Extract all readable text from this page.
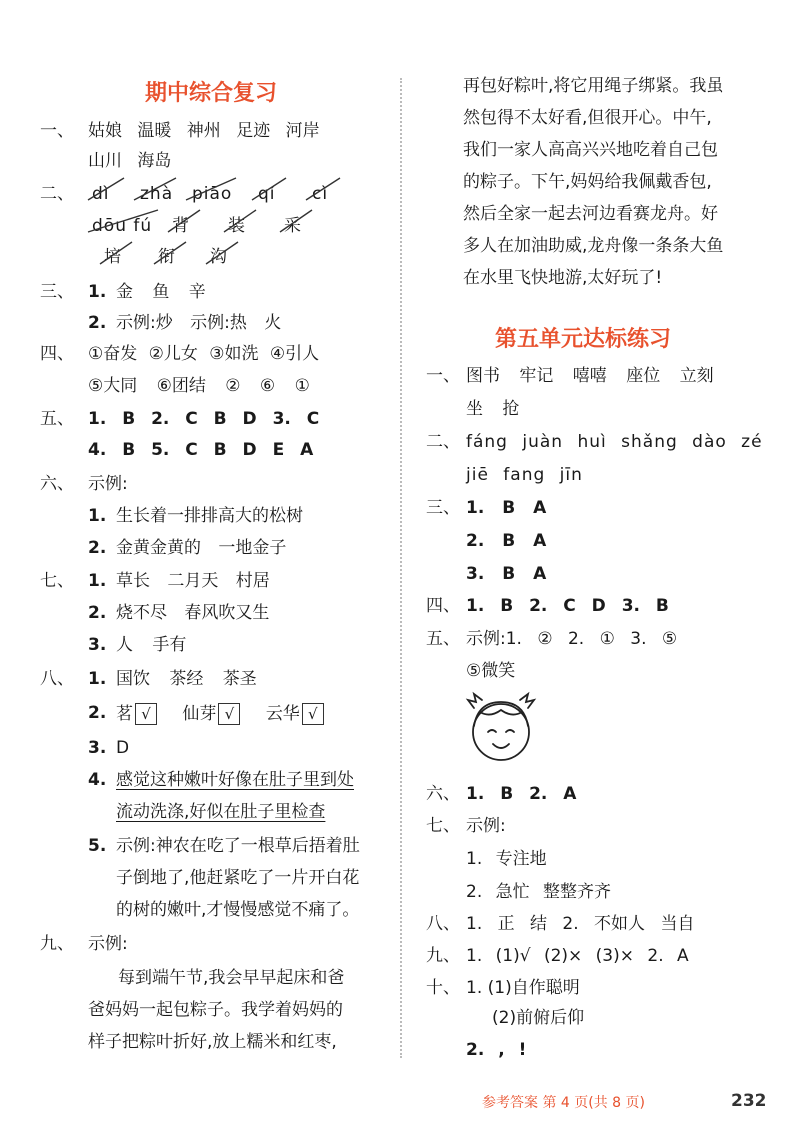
期中综合复习
一、 姑娘 温暖 神州 足迹 河岸
山川 海岛
二、 dì zhà piāo qí cì
dōu fú 背 装 采
培 衔 沟
三、 1. 金 鱼 辛
2. 示例:炒 示例:热 火
四、 ①奋发 ②儿女 ③如洗 ④引人
⑤大同 ⑥团结 ② ⑥ ①
五、 1. B 2. C B D 3. C
4. B 5. C B D E A
六、 示例:
1. 生长着一排排高大的松树
2. 金黄金黄的 一地金子
七、 1. 草长 二月天 村居
2. 烧不尽 春风吹又生
3. 人 手有
八、 1. 国饮 茶经 茶圣
2. 茗 √ 仙芽 √ 云华 √
3. D
4. 感觉这种嫩叶好像在肚子里到处
流动洗涤,好似在肚子里检查
5. 示例:神农在吃了一根草后捂着肚
子倒地了,他赶紧吃了一片开白花
的树的嫩叶,才慢慢感觉不痛了。
九、 示例:
每到端午节,我会早早起床和爸
爸妈妈一起包粽子。我学着妈妈的
样子把粽叶折好,放上糯米和红枣,
再包好粽叶,将它用绳子绑紧。我虽
然包得不太好看,但很开心。中午,
我们一家人高高兴兴地吃着自己包
的粽子。下午,妈妈给我佩戴香包,
然后全家一起去河边看赛龙舟。好
多人在加油助威,龙舟像一条条大鱼
在水里飞快地游,太好玩了!
第五单元达标练习
一、 图书 牢记 嘻嘻 座位 立刻
坐 抢
二、 fáng juàn huì shǎng dào zé
jiē fang jīn
三、 1. B A
2. B A
3. B A
四、 1. B 2. C D 3. B
五、 示例:1. ② 2. ① 3. ⑤
⑤微笑
六、 1. B 2. A
七、 示例:
1. 专注地
2. 急忙 整整齐齐
八、 1. 正 结 2. 不如人 当自
九、 1. (1)√ (2)× (3)× 2. A
十、 1. (1)自作聪明
(2)前俯后仰
2. , !
参考答案 第 4 页(共 8 页)	232
